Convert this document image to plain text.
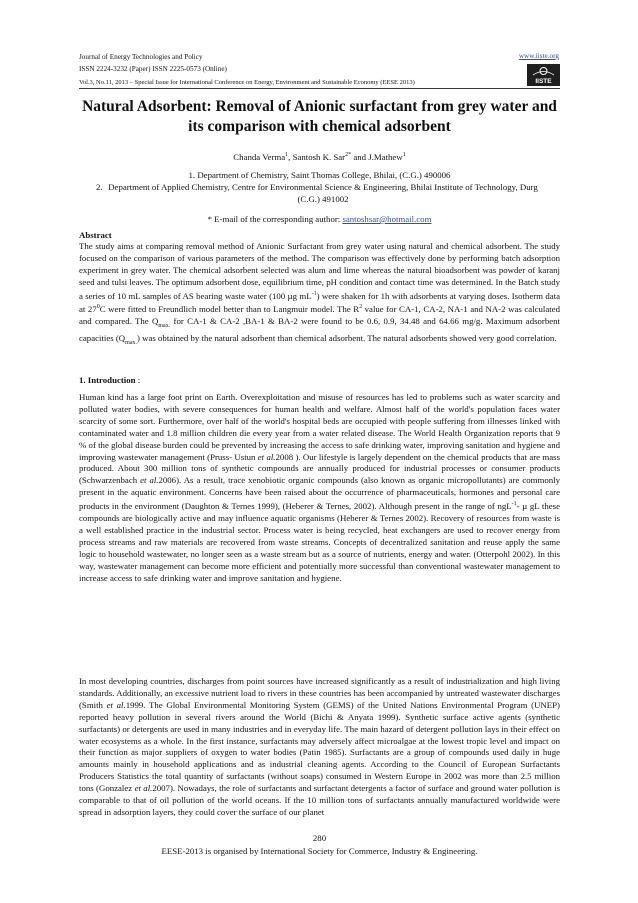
Journal of Energy Technologies and Policy	www.iiste.org
ISSN 2224-3232 (Paper) ISSN 2225-0573 (Online)
IISTE
Vol.3, No.11, 2013 – Special Issue for International Conference on Energy, Environment and Sustainable Economy (EESE 2013)
Natural Adsorbent: Removal of Anionic surfactant from grey water and its comparison with chemical adsorbent
Chanda Verma$^1$, Santosh K. Sar$^{2*}$ and J.Mathew$^1$
1. Department of Chemistry, Saint Thomas College, Bhilai, (C.G.) 490006
2. Department of Applied Chemistry, Centre for Environmental Science & Engineering, Bhilai Institute of Technology, Durg (C.G.) 491002
* E-mail of the corresponding author: santoshsar@hotmail.com
Abstract
The study aims at comparing removal method of Anionic Surfactant from grey water using natural and chemical adsorbent. The study focused on the comparison of various parameters of the method. The comparison was effectively done by performing batch adsorption experiment in grey water. The chemical adsorbent selected was alum and lime whereas the natural bioadsorbent was powder of karanj seed and tulsi leaves. The optimum adsorbent dose, equilibrium time, pH condition and contact time was determined. In the Batch study a series of 10 mL samples of AS bearing waste water (100 µg $mL^{-1}$) were shaken for 1h with adsorbents at varying doses. Isotherm data at $27^0C$ were fitted to Freundlich model better than to Langmuir model. The $R^2$ value for CA-1, CA-2, NA-1 and NA-2 was calculated and compared. The $Q_{max.}$ for CA-1 & CA-2 ,BA-1 & BA-2 were found to be 0.6, 0.9, 34.48 and 64.66 mg/g. Maximum adsorbent capacities $(Q_{max.})$ was obtained by the natural adsorbent than chemical adsorbent. The natural adsorbents showed very good correlation.
1. Introduction :
Human kind has a large foot print on Earth. Overexploitation and misuse of resources has led to problems such as water scarcity and polluted water bodies, with severe consequences for human health and welfare. Almost half of the world's population faces water scarcity of some sort. Furthermore, over half of the world's hospital beds are occupied with people suffering from illnesses linked with contaminated water and 1.8 million children die every year from a water related disease. The World Health Organization reports that 9 % of the global disease burden could be prevented by increasing the access to safe drinking water, improving sanitation and hygiene and improving wastewater management (Pruss- Ustun et al.2008 ). Our lifestyle is largely dependent on the chemical products that are mass produced. About 300 million tons of synthetic compounds are annually produced for industrial processes or consumer products (Schwarzenbach et al.2006). As a result, trace xenobiotic organic compounds (also known as organic micropollutants) are commonly present in the aquatic environment. Concerns have been raised about the occurrence of pharmaceuticals, hormones and personal care products in the environment (Daughton & Ternes 1999), (Heberer & Ternes, 2002). Although present in the range of ngL$^{-1}$- µ gL these compounds are biologically active and may influence aquatic organisms (Heberer & Ternes 2002). Recovery of resources from waste is a well established practice in the industrial sector. Process water is being recycled, heat exchangers are used to recover energy from process streams and raw materials are recovered from waste streams. Concepts of decentralized sanitation and reuse apply the same logic to household wastewater, no longer seen as a waste stream but as a source of nutrients, energy and water. (Otterpohl 2002). In this way, wastewater management can become more efficient and potentially more successful than conventional wastewater management to increase access to safe drinking water and improve sanitation and hygiene.
In most developing countries, discharges from point sources have increased significantly as a result of industrialization and high living standards. Additionally, an excessive nutrient load to rivers in these countries has been accompanied by untreated wastewater discharges (Smith et al.1999. The Global Environmental Monitoring System (GEMS) of the United Nations Environmental Program (UNEP) reported heavy pollution in several rivers around the World (Bichi & Anyata 1999). Synthetic surface active agents (synthetic surfactants) or detergents are used in many industries and in everyday life. The main hazard of detergent pollution lays in their effect on water ecosystems as a whole. In the first instance, surfactants may adversely affect microalgae at the lowest tropic level and impact on their function as major suppliers of oxygen to water bodies (Patin 1985). Surfactants are a group of compounds used daily in huge amounts mainly in household applications and as industrial cleaning agents. According to the Council of European Surfactants Producers Statistics the total quantity of surfactants (without soaps) consumed in Western Europe in 2002 was more than 2.5 million tons (Gonzalez et al.2007). Nowadays, the role of surfactants and surfactant detergents a factor of surface and ground water pollution is comparable to that of oil pollution of the world oceans. If the 10 million tons of surfactants annually manufactured worldwide were spread in adsorption layers, they could cover the surface of our planet
280
EESE-2013 is organised by International Society for Commerce, Industry & Engineering.
